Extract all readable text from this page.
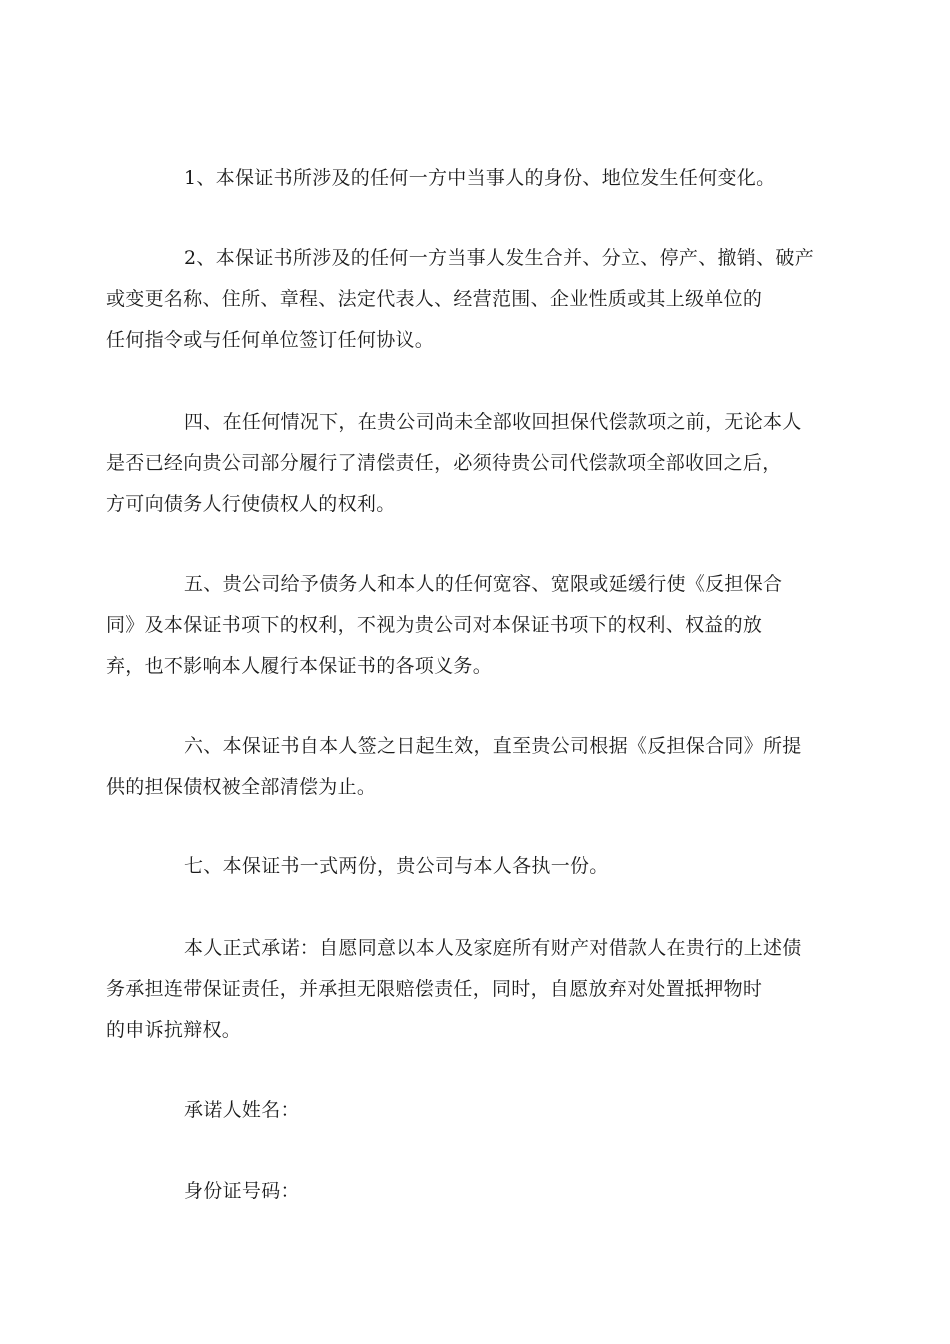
1、本保证书所涉及的任何一方中当事人的身份、地位发生任何变化。
2、本保证书所涉及的任何一方当事人发生合并、分立、停产、撤销、破产
或变更名称、住所、章程、法定代表人、经营范围、企业性质或其上级单位的
任何指令或与任何单位签订任何协议。
四、在任何情况下，在贵公司尚未全部收回担保代偿款项之前，无论本人
是否已经向贵公司部分履行了清偿责任，必须待贵公司代偿款项全部收回之后，
方可向债务人行使债权人的权利。
五、贵公司给予债务人和本人的任何宽容、宽限或延缓行使《反担保合
同》及本保证书项下的权利，不视为贵公司对本保证书项下的权利、权益的放
弃，也不影响本人履行本保证书的各项义务。
六、本保证书自本人签之日起生效，直至贵公司根据《反担保合同》所提
供的担保债权被全部清偿为止。
七、本保证书一式两份，贵公司与本人各执一份。
本人正式承诺：自愿同意以本人及家庭所有财产对借款人在贵行的上述债
务承担连带保证责任，并承担无限赔偿责任，同时，自愿放弃对处置抵押物时
的申诉抗辩权。
承诺人姓名：
身份证号码：
